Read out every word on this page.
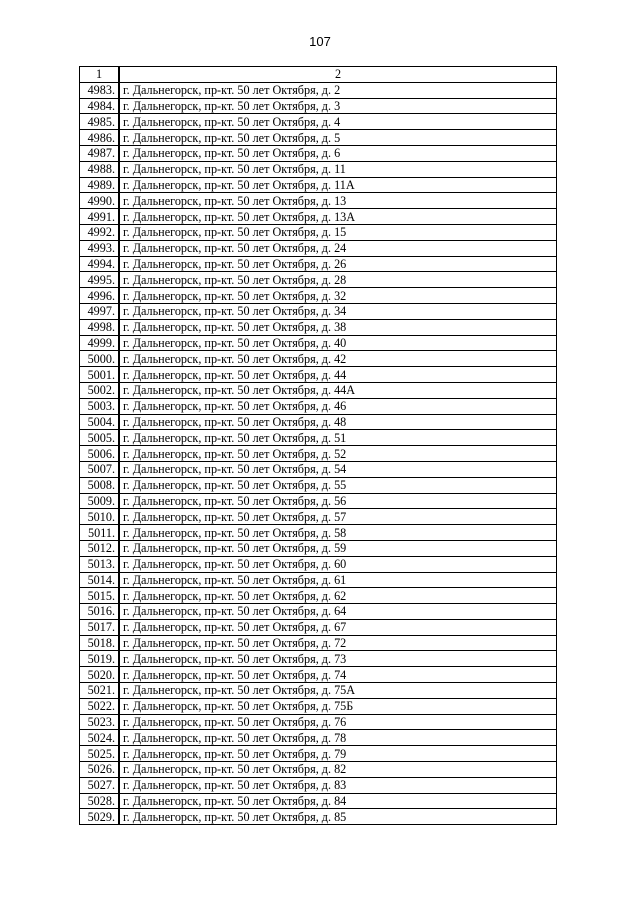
107
1	2
4983.	г. Дальнегорск, пр-кт. 50 лет Октября, д. 2
4984.	г. Дальнегорск, пр-кт. 50 лет Октября, д. 3
4985.	г. Дальнегорск, пр-кт. 50 лет Октября, д. 4
4986.	г. Дальнегорск, пр-кт. 50 лет Октября, д. 5
4987.	г. Дальнегорск, пр-кт. 50 лет Октября, д. 6
4988.	г. Дальнегорск, пр-кт. 50 лет Октября, д. 11
4989.	г. Дальнегорск, пр-кт. 50 лет Октября, д. 11А
4990.	г. Дальнегорск, пр-кт. 50 лет Октября, д. 13
4991.	г. Дальнегорск, пр-кт. 50 лет Октября, д. 13А
4992.	г. Дальнегорск, пр-кт. 50 лет Октября, д. 15
4993.	г. Дальнегорск, пр-кт. 50 лет Октября, д. 24
4994.	г. Дальнегорск, пр-кт. 50 лет Октября, д. 26
4995.	г. Дальнегорск, пр-кт. 50 лет Октября, д. 28
4996.	г. Дальнегорск, пр-кт. 50 лет Октября, д. 32
4997.	г. Дальнегорск, пр-кт. 50 лет Октября, д. 34
4998.	г. Дальнегорск, пр-кт. 50 лет Октября, д. 38
4999.	г. Дальнегорск, пр-кт. 50 лет Октября, д. 40
5000.	г. Дальнегорск, пр-кт. 50 лет Октября, д. 42
5001.	г. Дальнегорск, пр-кт. 50 лет Октября, д. 44
5002.	г. Дальнегорск, пр-кт. 50 лет Октября, д. 44А
5003.	г. Дальнегорск, пр-кт. 50 лет Октября, д. 46
5004.	г. Дальнегорск, пр-кт. 50 лет Октября, д. 48
5005.	г. Дальнегорск, пр-кт. 50 лет Октября, д. 51
5006.	г. Дальнегорск, пр-кт. 50 лет Октября, д. 52
5007.	г. Дальнегорск, пр-кт. 50 лет Октября, д. 54
5008.	г. Дальнегорск, пр-кт. 50 лет Октября, д. 55
5009.	г. Дальнегорск, пр-кт. 50 лет Октября, д. 56
5010.	г. Дальнегорск, пр-кт. 50 лет Октября, д. 57
5011.	г. Дальнегорск, пр-кт. 50 лет Октября, д. 58
5012.	г. Дальнегорск, пр-кт. 50 лет Октября, д. 59
5013.	г. Дальнегорск, пр-кт. 50 лет Октября, д. 60
5014.	г. Дальнегорск, пр-кт. 50 лет Октября, д. 61
5015.	г. Дальнегорск, пр-кт. 50 лет Октября, д. 62
5016.	г. Дальнегорск, пр-кт. 50 лет Октября, д. 64
5017.	г. Дальнегорск, пр-кт. 50 лет Октября, д. 67
5018.	г. Дальнегорск, пр-кт. 50 лет Октября, д. 72
5019.	г. Дальнегорск, пр-кт. 50 лет Октября, д. 73
5020.	г. Дальнегорск, пр-кт. 50 лет Октября, д. 74
5021.	г. Дальнегорск, пр-кт. 50 лет Октября, д. 75А
5022.	г. Дальнегорск, пр-кт. 50 лет Октября, д. 75Б
5023.	г. Дальнегорск, пр-кт. 50 лет Октября, д. 76
5024.	г. Дальнегорск, пр-кт. 50 лет Октября, д. 78
5025.	г. Дальнегорск, пр-кт. 50 лет Октября, д. 79
5026.	г. Дальнегорск, пр-кт. 50 лет Октября, д. 82
5027.	г. Дальнегорск, пр-кт. 50 лет Октября, д. 83
5028.	г. Дальнегорск, пр-кт. 50 лет Октября, д. 84
5029.	г. Дальнегорск, пр-кт. 50 лет Октября, д. 85
